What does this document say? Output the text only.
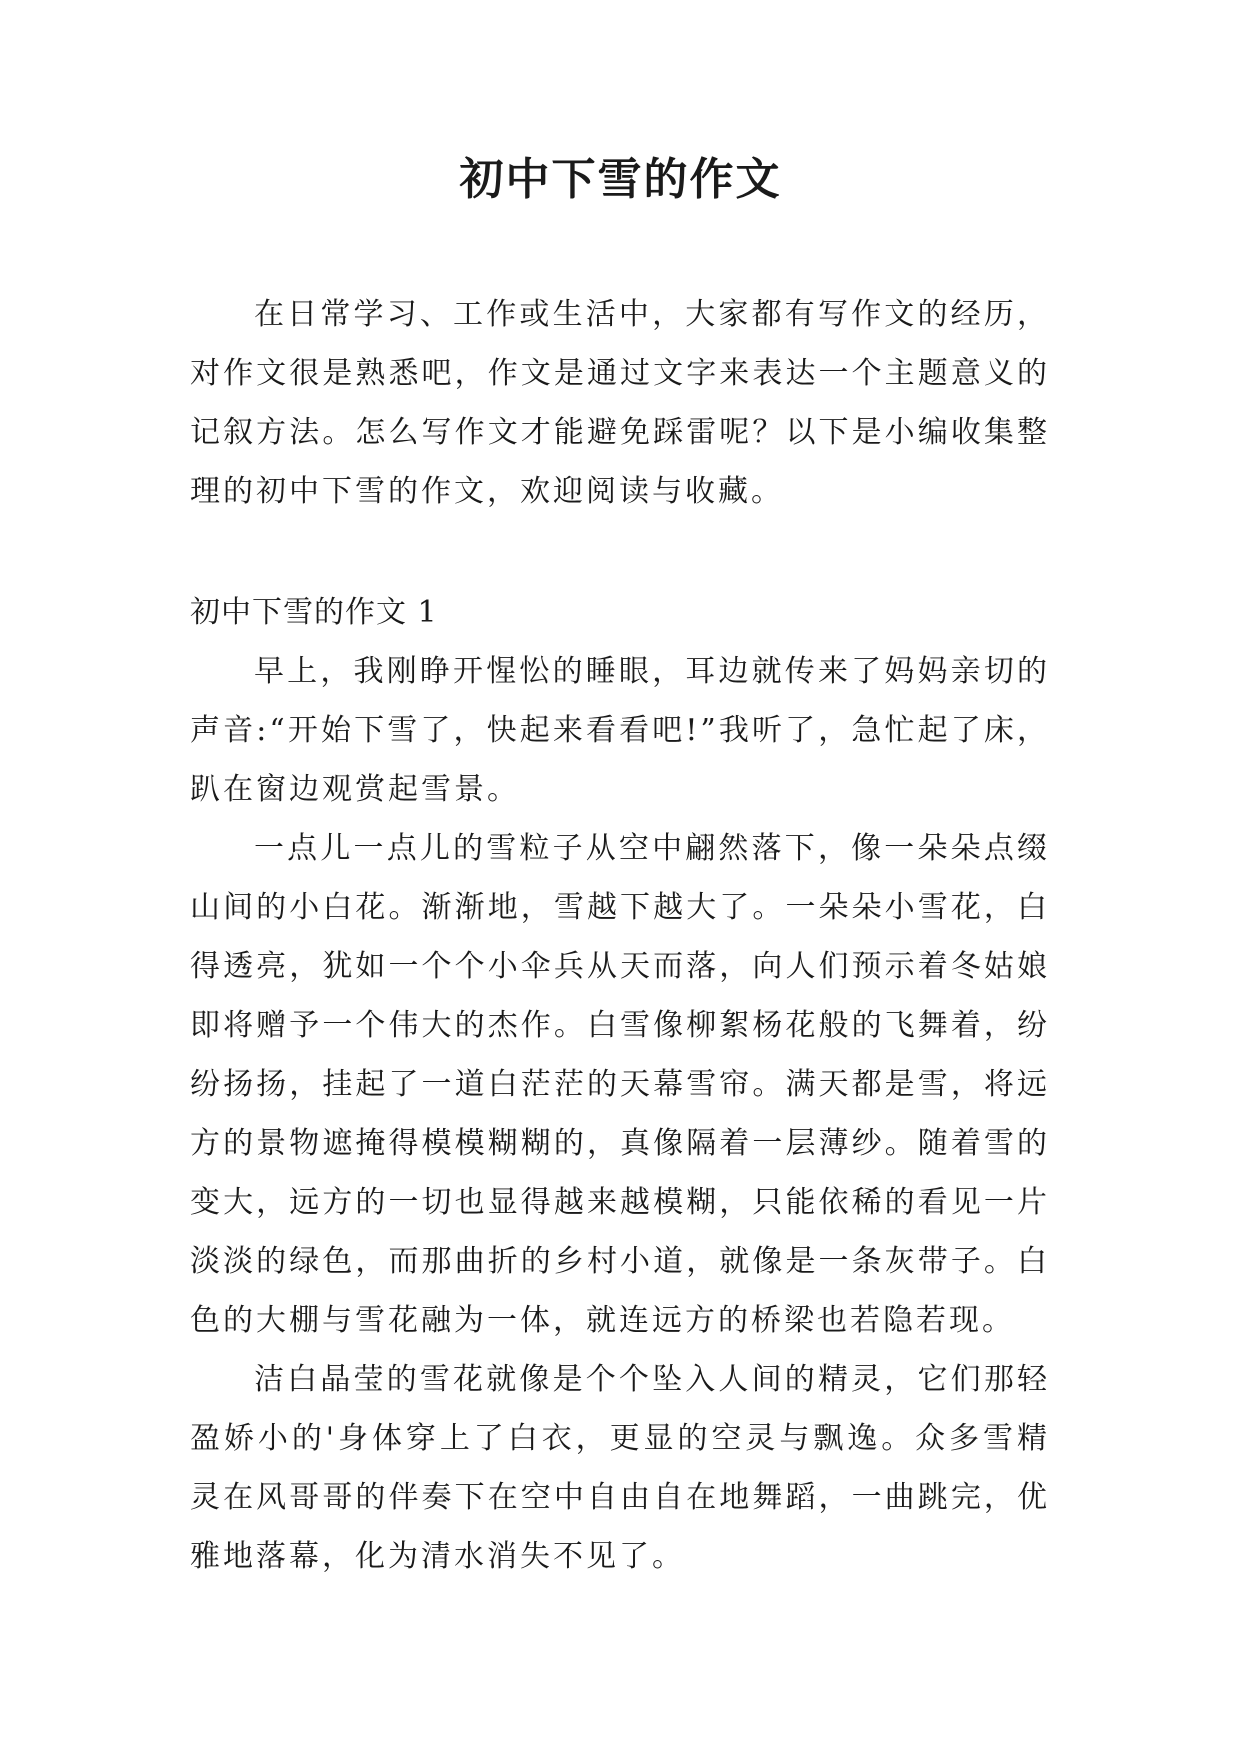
初中下雪的作文

在日常学习、工作或生活中，大家都有写作文的经历，对作文很是熟悉吧，作文是通过文字来表达一个主题意义的记叙方法。怎么写作文才能避免踩雷呢？以下是小编收集整理的初中下雪的作文，欢迎阅读与收藏。

初中下雪的作文 1

早上，我刚睁开惺忪的睡眼，耳边就传来了妈妈亲切的声音:“开始下雪了，快起来看看吧!”我听了，急忙起了床，趴在窗边观赏起雪景。

一点儿一点儿的雪粒子从空中翩然落下，像一朵朵点缀山间的小白花。渐渐地，雪越下越大了。一朵朵小雪花，白得透亮，犹如一个个小伞兵从天而落，向人们预示着冬姑娘即将赠予一个伟大的杰作。白雪像柳絮杨花般的飞舞着，纷纷扬扬，挂起了一道白茫茫的天幕雪帘。满天都是雪，将远方的景物遮掩得模模糊糊的，真像隔着一层薄纱。随着雪的变大，远方的一切也显得越来越模糊，只能依稀的看见一片淡淡的绿色，而那曲折的乡村小道，就像是一条灰带子。白色的大棚与雪花融为一体，就连远方的桥梁也若隐若现。

洁白晶莹的雪花就像是个个坠入人间的精灵，它们那轻盈娇小的'身体穿上了白衣，更显的空灵与飘逸。众多雪精灵在风哥哥的伴奏下在空中自由自在地舞蹈，一曲跳完，优雅地落幕，化为清水消失不见了。
